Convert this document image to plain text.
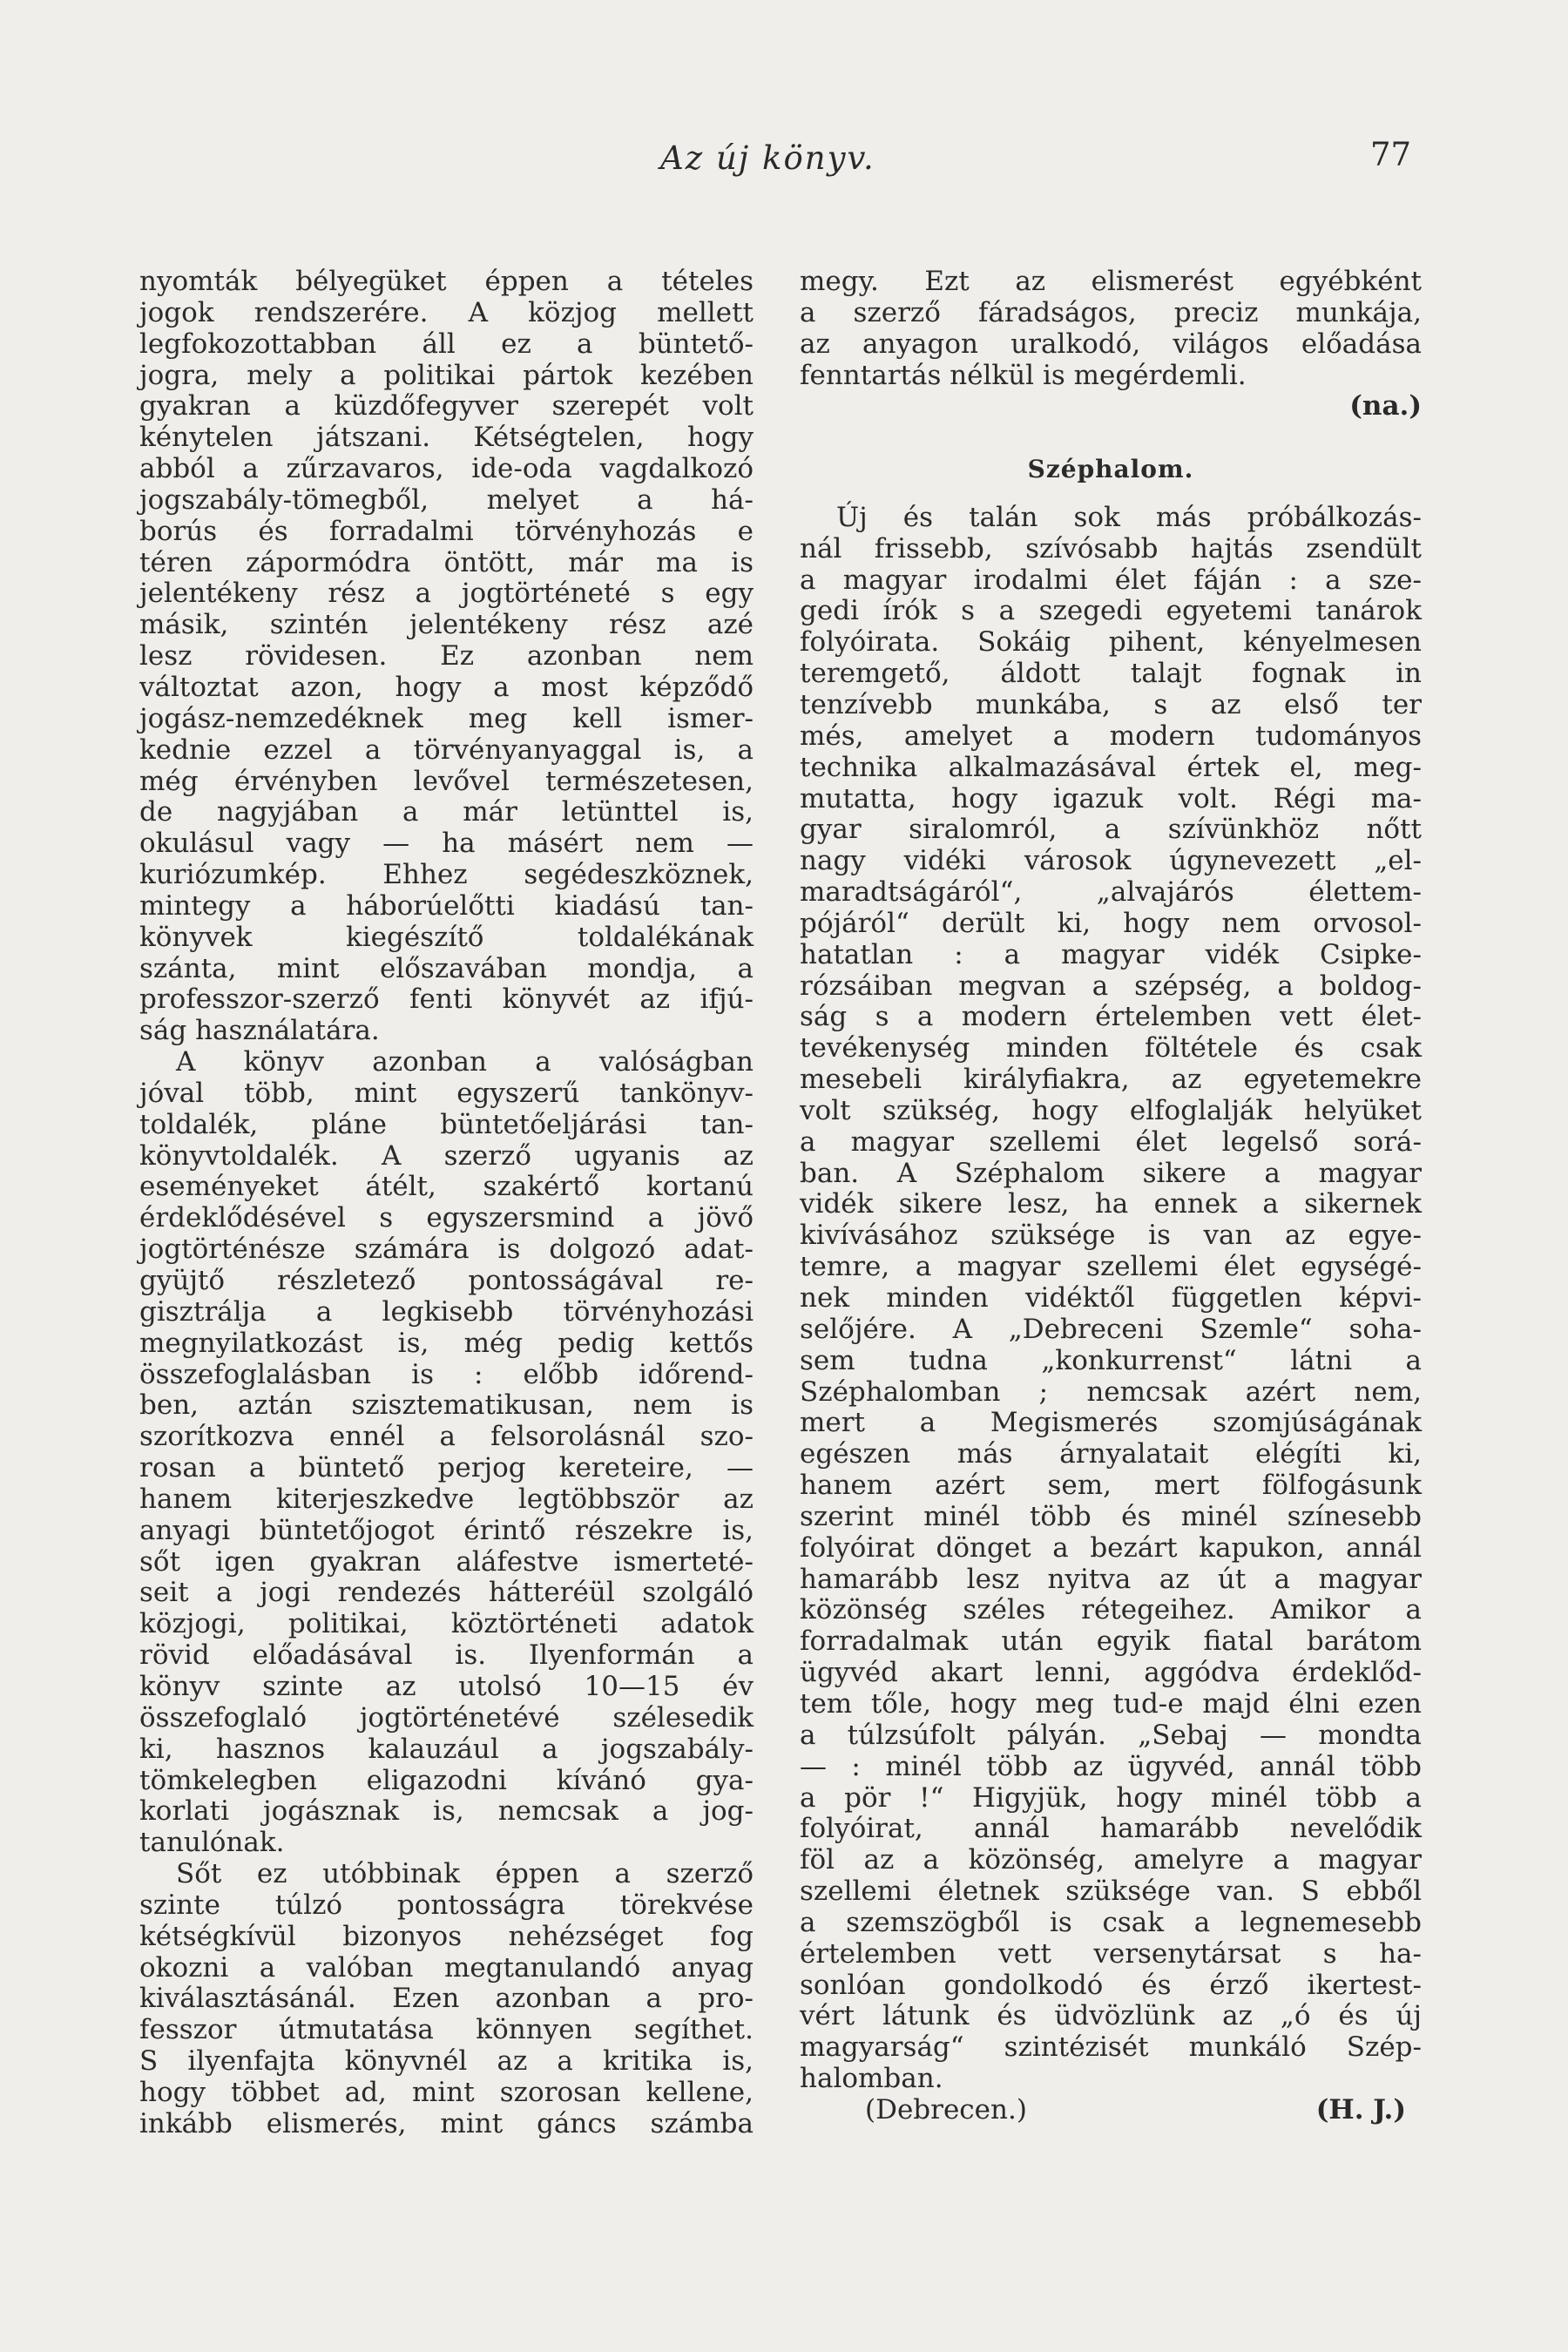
Az új könyv.	77
nyomták bélyegüket éppen a tételes
jogok rendszerére. A közjog mellett
legfokozottabban áll ez a büntető-
jogra, mely a politikai pártok kezében
gyakran a küzdőfegyver szerepét volt
kénytelen játszani. Kétségtelen, hogy
abból a zűrzavaros, ide-oda vagdalkozó
jogszabály-tömegből, melyet a há-
borús és forradalmi törvényhozás e
téren zápormódra öntött, már ma is
jelentékeny rész a jogtörténeté s egy
másik, szintén jelentékeny rész azé
lesz rövidesen. Ez azonban nem
változtat azon, hogy a most képződő
jogász-nemzedéknek meg kell ismer-
kednie ezzel a törvényanyaggal is, a
még érvényben levővel természetesen,
de nagyjában a már letünttel is,
okulásul vagy — ha másért nem —
kuriózumkép. Ehhez segédeszköznek,
mintegy a háborúelőtti kiadású tan-
könyvek kiegészítő toldalékának
szánta, mint előszavában mondja, a
professzor-szerző fenti könyvét az ifjú-
ság használatára.
A könyv azonban a valóságban
jóval több, mint egyszerű tankönyv-
toldalék, pláne büntetőeljárási tan-
könyvtoldalék. A szerző ugyanis az
eseményeket átélt, szakértő kortanú
érdeklődésével s egyszersmind a jövő
jogtörténésze számára is dolgozó adat-
gyüjtő részletező pontosságával re-
gisztrálja a legkisebb törvényhozási
megnyilatkozást is, még pedig kettős
összefoglalásban is : előbb időrend-
ben, aztán szisztematikusan, nem is
szorítkozva ennél a felsorolásnál szo-
rosan a büntető perjog kereteire, —
hanem kiterjeszkedve legtöbbször az
anyagi büntetőjogot érintő részekre is,
sőt igen gyakran aláfestve ismerteté-
seit a jogi rendezés hátteréül szolgáló
közjogi, politikai, köztörténeti adatok
rövid előadásával is. Ilyenformán a
könyv szinte az utolsó 10—15 év
összefoglaló jogtörténetévé szélesedik
ki, hasznos kalauzául a jogszabály-
tömkelegben eligazodni kívánó gya-
korlati jogásznak is, nemcsak a jog-
tanulónak.
Sőt ez utóbbinak éppen a szerző
szinte túlzó pontosságra törekvése
kétségkívül bizonyos nehézséget fog
okozni a valóban megtanulandó anyag
kiválasztásánál. Ezen azonban a pro-
fesszor útmutatása könnyen segíthet.
S ilyenfajta könyvnél az a kritika is,
hogy többet ad, mint szorosan kellene,
inkább elismerés, mint gáncs számba
megy. Ezt az elismerést egyébként
a szerző fáradságos, preciz munkája,
az anyagon uralkodó, világos előadása
fenntartás nélkül is megérdemli.
(na.)
Széphalom.
Új és talán sok más próbálkozás-
nál frissebb, szívósabb hajtás zsendült
a magyar irodalmi élet fáján : a sze-
gedi írók s a szegedi egyetemi tanárok
folyóirata. Sokáig pihent, kényelmesen
teremgető, áldott talajt fognak in
tenzívebb munkába, s az első ter
més, amelyet a modern tudományos
technika alkalmazásával értek el, meg-
mutatta, hogy igazuk volt. Régi ma-
gyar siralomról, a szívünkhöz nőtt
nagy vidéki városok úgynevezett „el-
maradtságáról“, „alvajárós élettem-
pójáról“ derült ki, hogy nem orvosol-
hatatlan : a magyar vidék Csipke-
rózsáiban megvan a szépség, a boldog-
ság s a modern értelemben vett élet-
tevékenység minden föltétele és csak
mesebeli királyfiakra, az egyetemekre
volt szükség, hogy elfoglalják helyüket
a magyar szellemi élet legelső sorá-
ban. A Széphalom sikere a magyar
vidék sikere lesz, ha ennek a sikernek
kivívásához szüksége is van az egye-
temre, a magyar szellemi élet egységé-
nek minden vidéktől független képvi-
selőjére. A „Debreceni Szemle“ soha-
sem tudna „konkurrenst“ látni a
Széphalomban ; nemcsak azért nem,
mert a Megismerés szomjúságának
egészen más árnyalatait elégíti ki,
hanem azért sem, mert fölfogásunk
szerint minél több és minél színesebb
folyóirat dönget a bezárt kapukon, annál
hamarább lesz nyitva az út a magyar
közönség széles rétegeihez. Amikor a
forradalmak után egyik fiatal barátom
ügyvéd akart lenni, aggódva érdeklőd-
tem tőle, hogy meg tud-e majd élni ezen
a túlzsúfolt pályán. „Sebaj — mondta
— : minél több az ügyvéd, annál több
a pör !“ Higyjük, hogy minél több a
folyóirat, annál hamarább nevelődik
föl az a közönség, amelyre a magyar
szellemi életnek szüksége van. S ebből
a szemszögből is csak a legnemesebb
értelemben vett versenytársat s ha-
sonlóan gondolkodó és érző ikertest-
vért látunk és üdvözlünk az „ó és új
magyarság“ szintézisét munkáló Szép-
halomban.
(Debrecen.)	(H. J.)
